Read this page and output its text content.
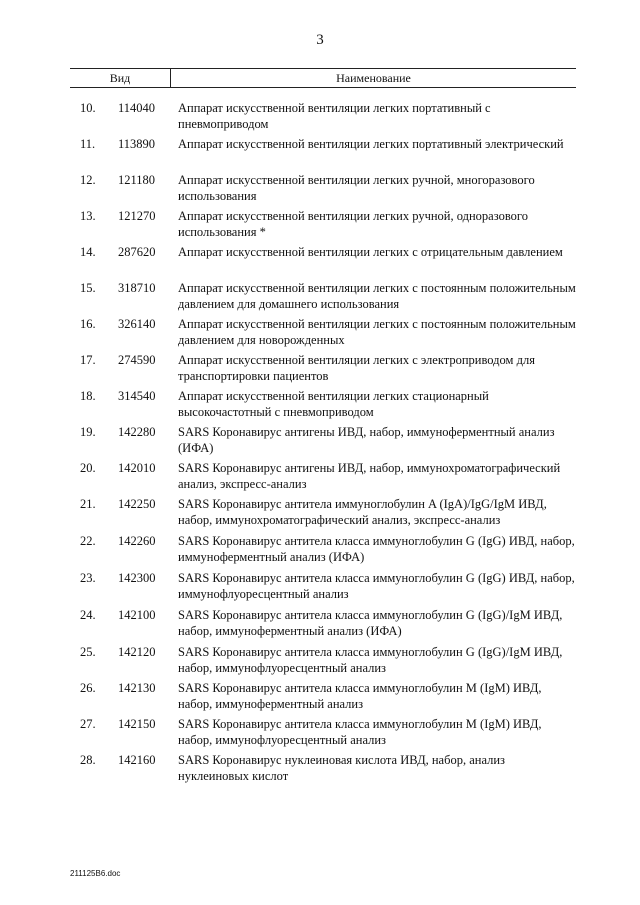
3
Вид	Наименование
10.	114040	Аппарат искусственной вентиляции легких портативный с пневмоприводом
11.	113890	Аппарат искусственной вентиляции легких портативный электрический
12.	121180	Аппарат искусственной вентиляции легких ручной, многоразового использования
13.	121270	Аппарат искусственной вентиляции легких ручной, одноразового использования *
14.	287620	Аппарат искусственной вентиляции легких с отрицательным давлением
15.	318710	Аппарат искусственной вентиляции легких с постоянным положительным давлением для домашнего использования
16.	326140	Аппарат искусственной вентиляции легких с постоянным положительным давлением для новорожденных
17.	274590	Аппарат искусственной вентиляции легких с электроприводом для транспортировки пациентов
18.	314540	Аппарат искусственной вентиляции легких стационарный высокочастотный с пневмоприводом
19.	142280	SARS Коронавирус антигены ИВД, набор, иммуноферментный анализ (ИФА)
20.	142010	SARS Коронавирус антигены ИВД, набор, иммунохроматографический анализ, экспресс-анализ
21.	142250	SARS Коронавирус антитела иммуноглобулин A (IgA)/IgG/IgM ИВД, набор, иммунохроматографический анализ, экспресс-анализ
22.	142260	SARS Коронавирус антитела класса иммуноглобулин G (IgG) ИВД, набор, иммуноферментный анализ (ИФА)
23.	142300	SARS Коронавирус антитела класса иммуноглобулин G (IgG) ИВД, набор, иммунофлуоресцентный анализ
24.	142100	SARS Коронавирус антитела класса иммуноглобулин G (IgG)/IgM ИВД, набор, иммуноферментный анализ (ИФА)
25.	142120	SARS Коронавирус антитела класса иммуноглобулин G (IgG)/IgM ИВД, набор, иммунофлуоресцентный анализ
26.	142130	SARS Коронавирус антитела класса иммуноглобулин M (IgM) ИВД, набор, иммуноферментный анализ
27.	142150	SARS Коронавирус антитела класса иммуноглобулин M (IgM) ИВД, набор, иммунофлуоресцентный анализ
28.	142160	SARS Коронавирус нуклеиновая кислота ИВД, набор, анализ нуклеиновых кислот
211125B6.doc
